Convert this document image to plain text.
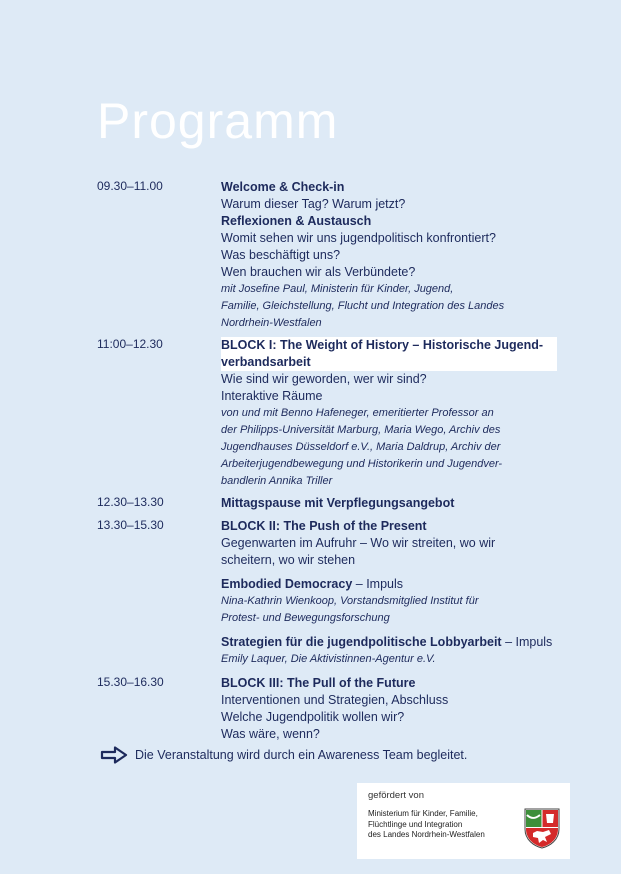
Programm
09.30–11.00	Welcome & Check-in
Warum dieser Tag? Warum jetzt?
Reflexionen & Austausch
Womit sehen wir uns jugendpolitisch konfrontiert?
Was beschäftigt uns?
Wen brauchen wir als Verbündete?
mit Josefine Paul, Ministerin für Kinder, Jugend,
Familie, Gleichstellung, Flucht und Integration des Landes
Nordrhein-Westfalen
11:00–12.30	BLOCK I: The Weight of History – Historische Jugend-
verbandsarbeit
Wie sind wir geworden, wer wir sind?
Interaktive Räume
von und mit Benno Hafeneger, emeritierter Professor an
der Philipps-Universität Marburg, Maria Wego, Archiv des
Jugendhauses Düsseldorf e.V., Maria Daldrup, Archiv der
Arbeiterjugendbewegung und Historikerin und Jugendver-
bandlerin Annika Triller
12.30–13.30	Mittagspause mit Verpflegungsangebot
13.30–15.30	BLOCK II: The Push of the Present
Gegenwarten im Aufruhr – Wo wir streiten, wo wir
scheitern, wo wir stehen
Embodied Democracy – Impuls
Nina-Kathrin Wienkoop, Vorstandsmitglied Institut für
Protest- und Bewegungsforschung
Strategien für die jugendpolitische Lobbyarbeit – Impuls
Emily Laquer, Die Aktivistinnen-Agentur e.V.
15.30–16.30	BLOCK III: The Pull of the Future
Interventionen und Strategien, Abschluss
Welche Jugendpolitik wollen wir?
Was wäre, wenn?
Die Veranstaltung wird durch ein Awareness Team begleitet.
gefördert von
Ministerium für Kinder, Familie,
Flüchtlinge und Integration
des Landes Nordrhein-Westfalen
